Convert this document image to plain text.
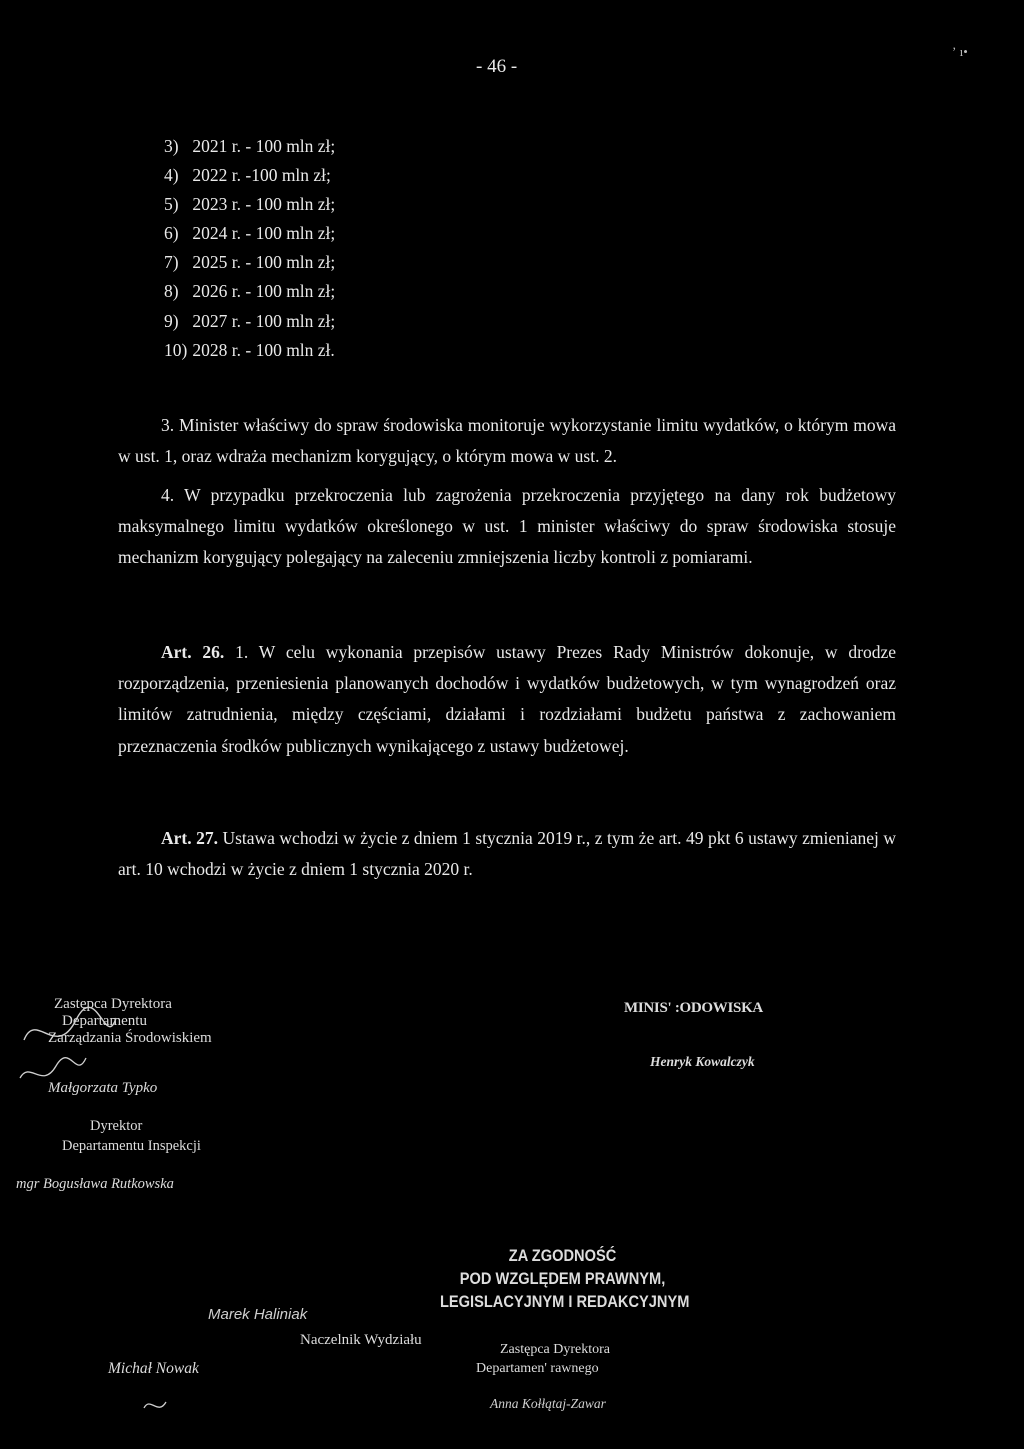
- 46 -
ʼ ı•
3) 2021 r. - 100 mln zł;
4) 2022 r. -100 mln zł;
5) 2023 r. - 100 mln zł;
6) 2024 r. - 100 mln zł;
7) 2025 r. - 100 mln zł;
8) 2026 r. - 100 mln zł;
9) 2027 r. - 100 mln zł;
10) 2028 r. - 100 mln zł.
3. Minister właściwy do spraw środowiska monitoruje wykorzystanie limitu wydatków, o którym mowa w ust. 1, oraz wdraża mechanizm korygujący, o którym mowa w ust. 2.
4. W przypadku przekroczenia lub zagrożenia przekroczenia przyjętego na dany rok budżetowy maksymalnego limitu wydatków określonego w ust. 1 minister właściwy do spraw środowiska stosuje mechanizm korygujący polegający na zaleceniu zmniejszenia liczby kontroli z pomiarami.
Art. 26. 1. W celu wykonania przepisów ustawy Prezes Rady Ministrów dokonuje, w drodze rozporządzenia, przeniesienia planowanych dochodów i wydatków budżetowych, w tym wynagrodzeń oraz limitów zatrudnienia, między częściami, działami i rozdziałami budżetu państwa z zachowaniem przeznaczenia środków publicznych wynikającego z ustawy budżetowej.
Art. 27. Ustawa wchodzi w życie z dniem 1 stycznia 2019 r., z tym że art. 49 pkt 6 ustawy zmienianej w art. 10 wchodzi w życie z dniem 1 stycznia 2020 r.
Zastępca Dyrektora
Departamentu
Zarządzania Środowiskiem
Małgorzata Typko
Dyrektor
Departamentu Inspekcji
mgr Bogusława Rutkowska
MINIS' :ODOWISKA
Henryk Kowalczyk
ZA ZGODNOŚĆ
POD WZGLĘDEM PRAWNYM,
LEGISLACYJNYM I REDAKCYJNYM
Marek Haliniak
Naczelnik Wydziału
Zastępca Dyrektora
Departamen' rawnego
Michał Nowak
Anna Kołłątaj-Zawar
